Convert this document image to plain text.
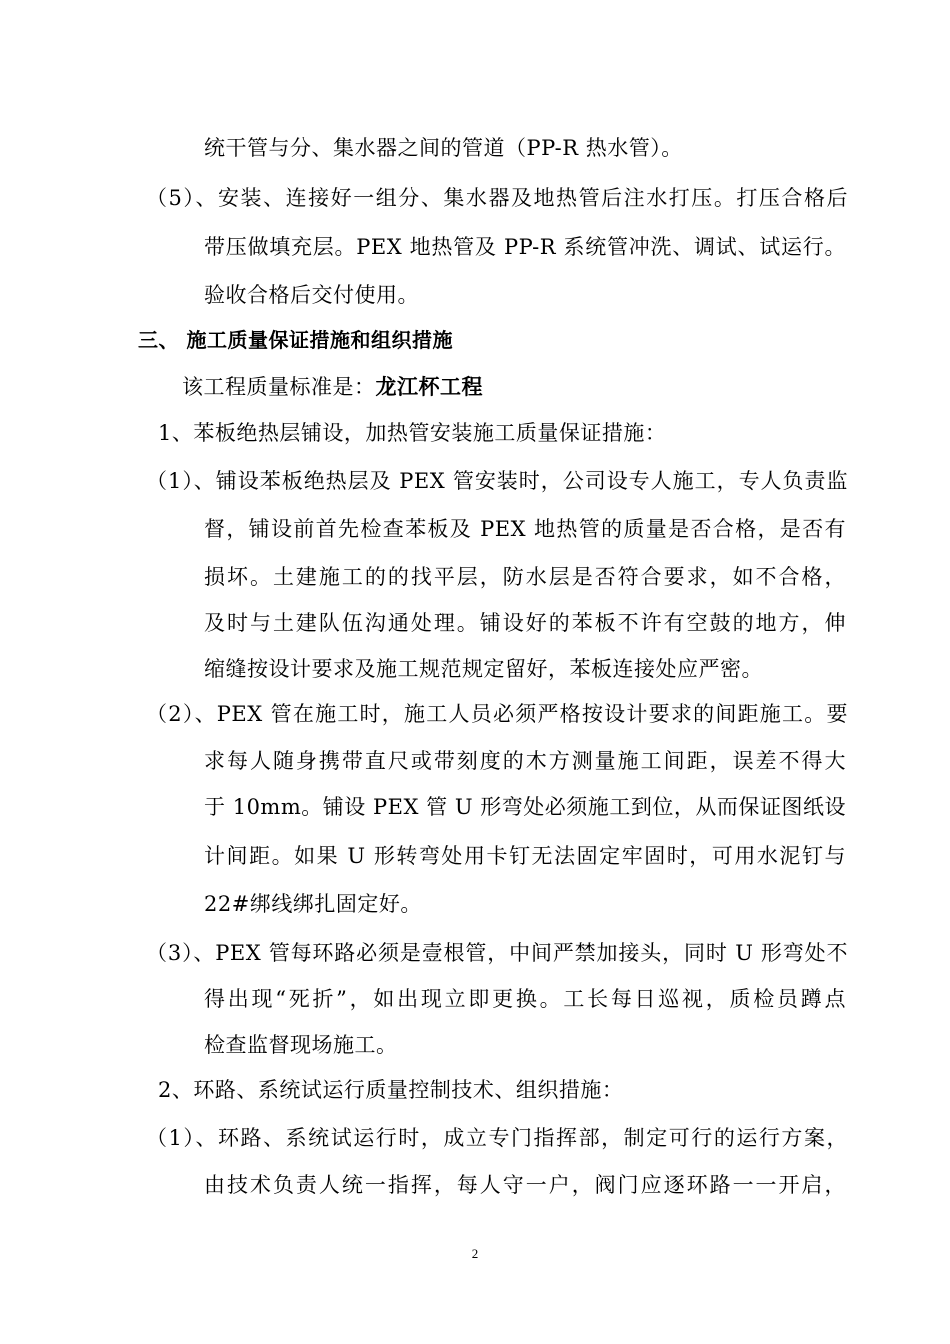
统干管与分、集水器之间的管道（PP-R 热水管）。
（5）、安装、连接好一组分、集水器及地热管后注水打压。打压合格后
带压做填充层。PEX 地热管及 PP-R 系统管冲洗、调试、试运行。
验收合格后交付使用。
三、 施工质量保证措施和组织措施
该工程质量标准是：龙江杯工程
1、苯板绝热层铺设，加热管安装施工质量保证措施：
（1）、铺设苯板绝热层及 PEX 管安装时，公司设专人施工，专人负责监
督，铺设前首先检查苯板及 PEX 地热管的质量是否合格，是否有
损坏。土建施工的的找平层，防水层是否符合要求，如不合格，
及时与土建队伍沟通处理。铺设好的苯板不许有空鼓的地方，伸
缩缝按设计要求及施工规范规定留好，苯板连接处应严密。
（2）、PEX 管在施工时，施工人员必须严格按设计要求的间距施工。要
求每人随身携带直尺或带刻度的木方测量施工间距，误差不得大
于 10mm。铺设 PEX 管 U 形弯处必须施工到位，从而保证图纸设
计间距。如果 U 形转弯处用卡钉无法固定牢固时，可用水泥钉与
22#绑线绑扎固定好。
（3）、PEX 管每环路必须是壹根管，中间严禁加接头，同时 U 形弯处不
得出现“死折”，如出现立即更换。工长每日巡视，质检员蹲点
检查监督现场施工。
2、环路、系统试运行质量控制技术、组织措施：
（1）、环路、系统试运行时，成立专门指挥部，制定可行的运行方案，
由技术负责人统一指挥，每人守一户，阀门应逐环路一一开启，
2
